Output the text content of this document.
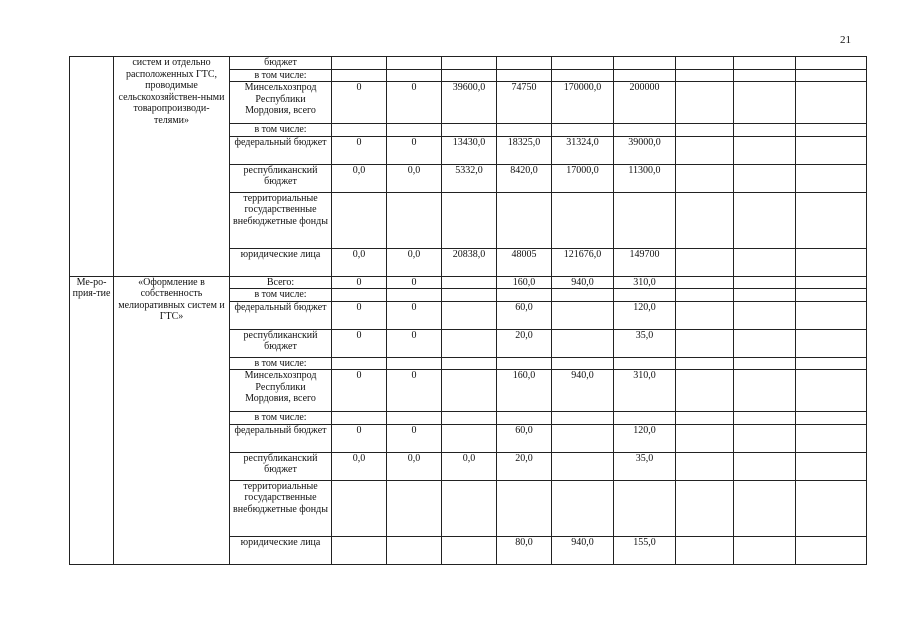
21
	систем и отдельно расположенных ГТС, проводимые сельскохозяйствен-ными товаропроизводи-телями»	бюджет									
		в том числе:									
		Минсельхозпрод Республики Мордовия, всего	0	0	39600,0	74750	170000,0	200000			
		в том числе:									
		федеральный бюджет	0	0	13430,0	18325,0	31324,0	39000,0			
		республиканский бюджет	0,0	0,0	5332,0	8420,0	17000,0	11300,0			
		территориальные государственные внебюджетные фонды									
		юридические лица	0,0	0,0	20838,0	48005	121676,0	149700			
Ме-ро-прия-тие	«Оформление в собственность мелиоративных систем и ГТС»	Всего:	0	0		160,0	940,0	310,0			
		в том числе:									
		федеральный бюджет	0	0		60,0		120,0			
		республиканский бюджет	0	0		20,0		35,0			
		в том числе:									
		Минсельхозпрод Республики Мордовия, всего	0	0		160,0	940,0	310,0			
		в том числе:									
		федеральный бюджет	0	0		60,0		120,0			
		республиканский бюджет	0,0	0,0	0,0	20,0		35,0			
		территориальные государственные внебюджетные фонды									
		юридические лица				80,0	940,0	155,0			
